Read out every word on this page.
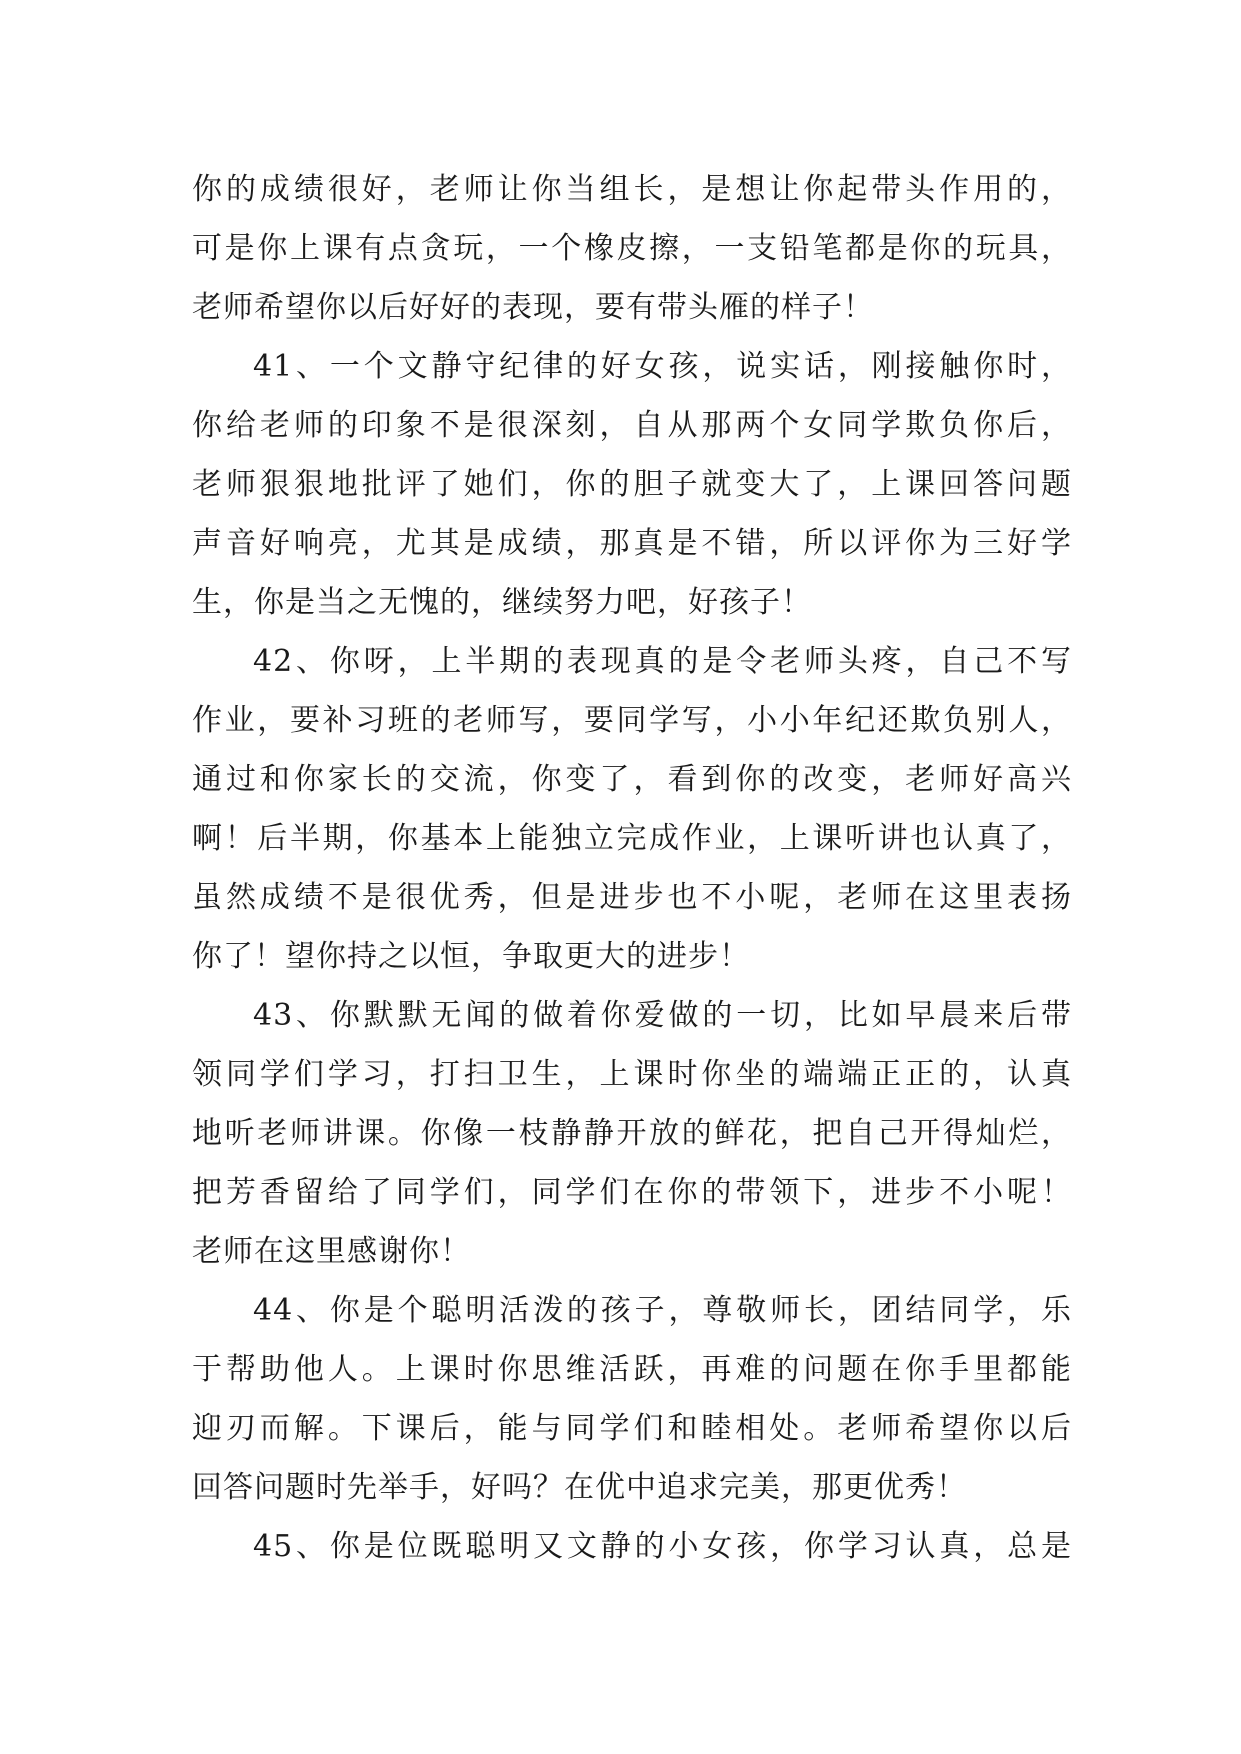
你的成绩很好，老师让你当组长，是想让你起带头作用的，
可是你上课有点贪玩，一个橡皮擦，一支铅笔都是你的玩具，
老师希望你以后好好的表现，要有带头雁的样子！
41、一个文静守纪律的好女孩，说实话，刚接触你时，
你给老师的印象不是很深刻，自从那两个女同学欺负你后，
老师狠狠地批评了她们，你的胆子就变大了，上课回答问题
声音好响亮，尤其是成绩，那真是不错，所以评你为三好学
生，你是当之无愧的，继续努力吧，好孩子！
42、你呀，上半期的表现真的是令老师头疼，自己不写
作业，要补习班的老师写，要同学写，小小年纪还欺负别人，
通过和你家长的交流，你变了，看到你的改变，老师好高兴
啊！后半期，你基本上能独立完成作业，上课听讲也认真了，
虽然成绩不是很优秀，但是进步也不小呢，老师在这里表扬
你了！望你持之以恒，争取更大的进步！
43、你默默无闻的做着你爱做的一切，比如早晨来后带
领同学们学习，打扫卫生，上课时你坐的端端正正的，认真
地听老师讲课。你像一枝静静开放的鲜花，把自己开得灿烂，
把芳香留给了同学们，同学们在你的带领下，进步不小呢！
老师在这里感谢你！
44、你是个聪明活泼的孩子，尊敬师长，团结同学，乐
于帮助他人。上课时你思维活跃，再难的问题在你手里都能
迎刃而解。下课后，能与同学们和睦相处。老师希望你以后
回答问题时先举手，好吗？在优中追求完美，那更优秀！
45、你是位既聪明又文静的小女孩，你学习认真，总是
